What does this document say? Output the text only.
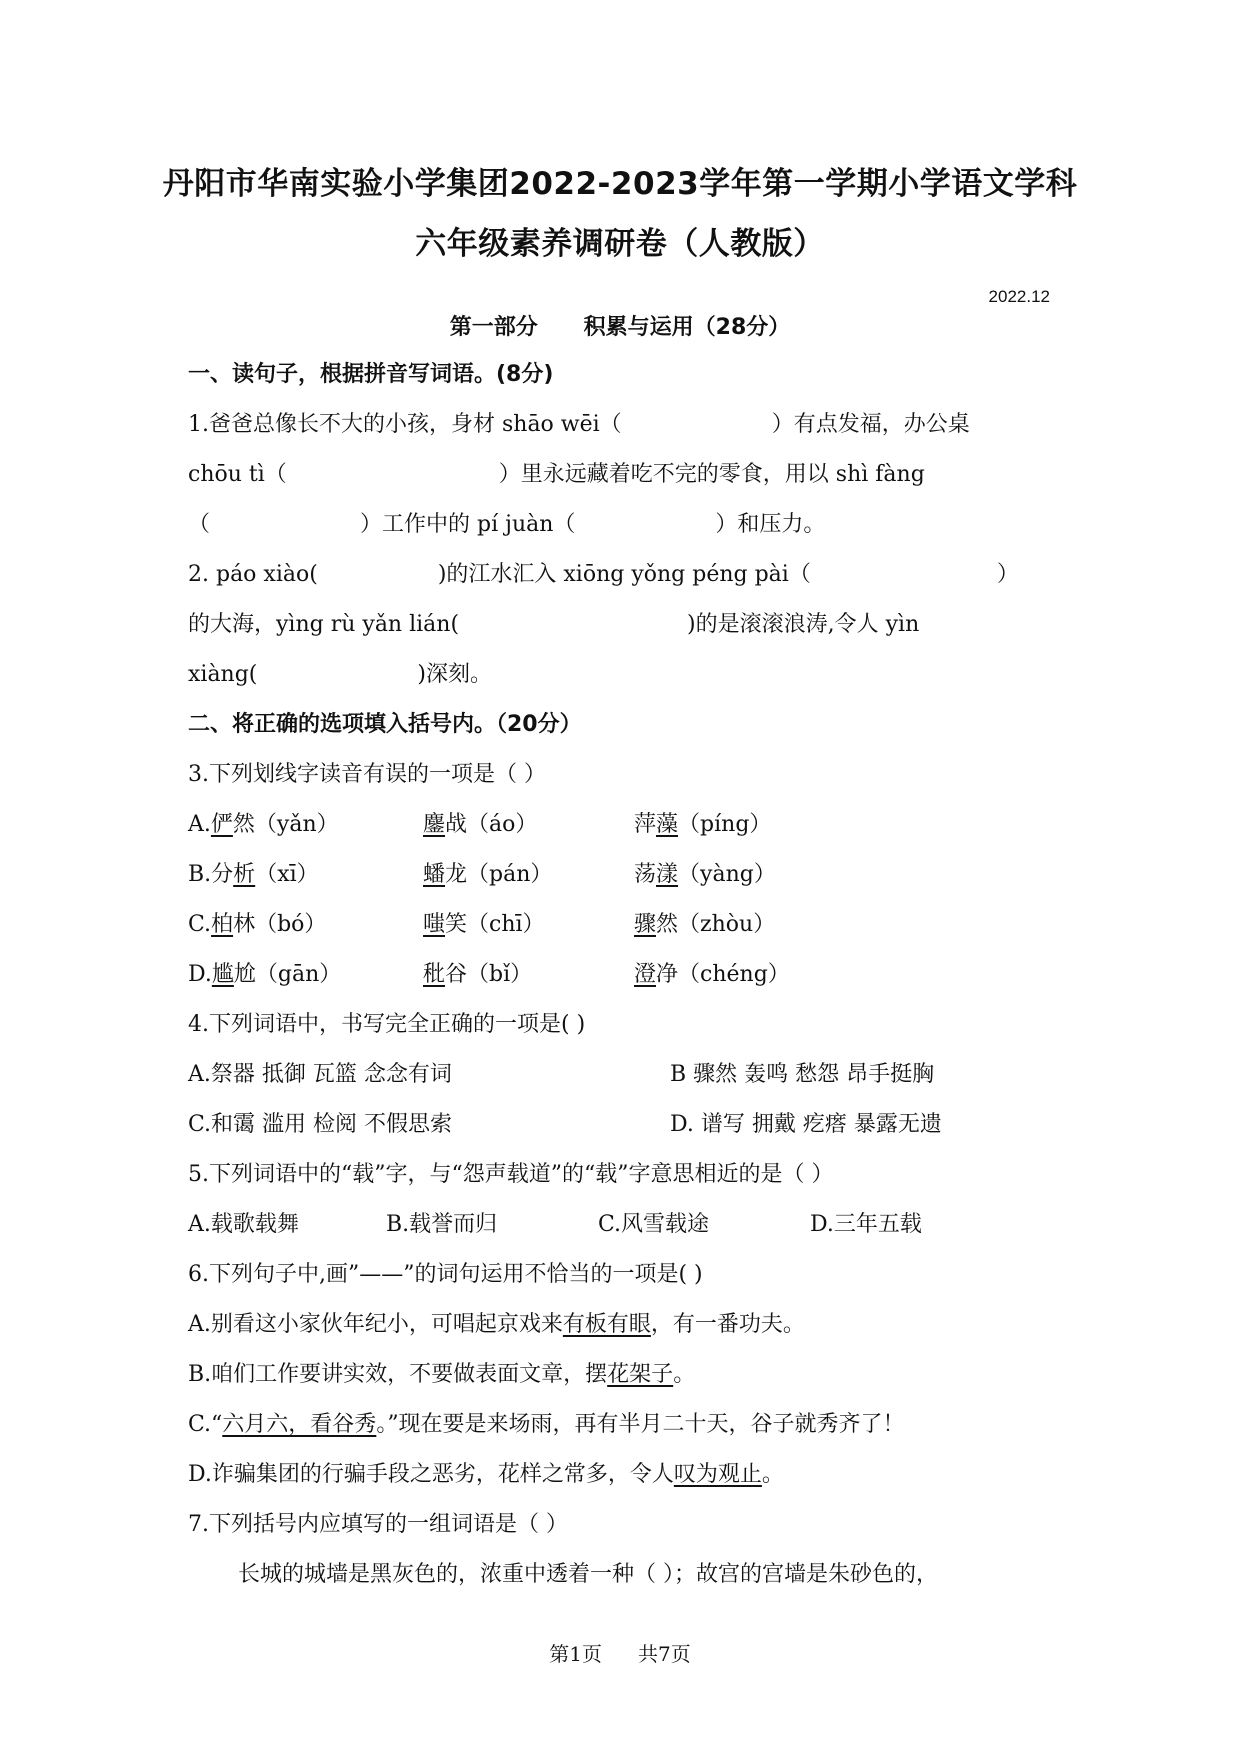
丹阳市华南实验小学集团2022-2023学年第一学期小学语文学科
六年级素养调研卷（人教版）
2022.12
第一部分 积累与运用（28分）
一、读句子，根据拼音写词语。(8分)
1.爸爸总像长不大的小孩，身材 shāo wēi（	）有点发福，办公桌
chōu tì（	）里永远藏着吃不完的零食，用以 shì fàng
（	）工作中的 pí juàn（	）和压力。
2. páo xiào(	)的江水汇入 xiōng yǒng péng pài（	）
的大海，yìng rù yǎn lián(	)的是滚滚浪涛,令人 yìn
xiàng(	)深刻。
二、将正确的选项填入括号内。（20分）
3.下列划线字读音有误的一项是（ ）
A.俨然（yǎn）	鏖战（áo）	萍藻（píng）
B.分析（xī）	蟠龙（pán）	荡漾（yàng）
C.柏林（bó）	嗤笑（chī）	骤然（zhòu）
D.尴尬（gān）	秕谷（bǐ）	澄净（chéng）
4.下列词语中，书写完全正确的一项是( )
A.祭器 抵御 瓦篮 念念有词	B 骤然 轰鸣 愁怨 昂手挺胸
C.和霭 滥用 检阅 不假思索	D. 谱写 拥戴 疙瘩 暴露无遗
5.下列词语中的“载”字，与“怨声载道”的“载”字意思相近的是（ ）
A.载歌载舞	B.载誉而归	C.风雪载途	D.三年五载
6.下列句子中,画”——”的词句运用不恰当的一项是( )
A.别看这小家伙年纪小，可唱起京戏来有板有眼，有一番功夫。
B.咱们工作要讲实效，不要做表面文章，摆花架子。
C.“六月六，看谷秀。”现在要是来场雨，再有半月二十天，谷子就秀齐了！
D.诈骗集团的行骗手段之恶劣，花样之常多，令人叹为观止。
7.下列括号内应填写的一组词语是（ ）
长城的城墙是黑灰色的，浓重中透着一种（ ）；故宫的宫墙是朱砂色的，
第1页 共7页
